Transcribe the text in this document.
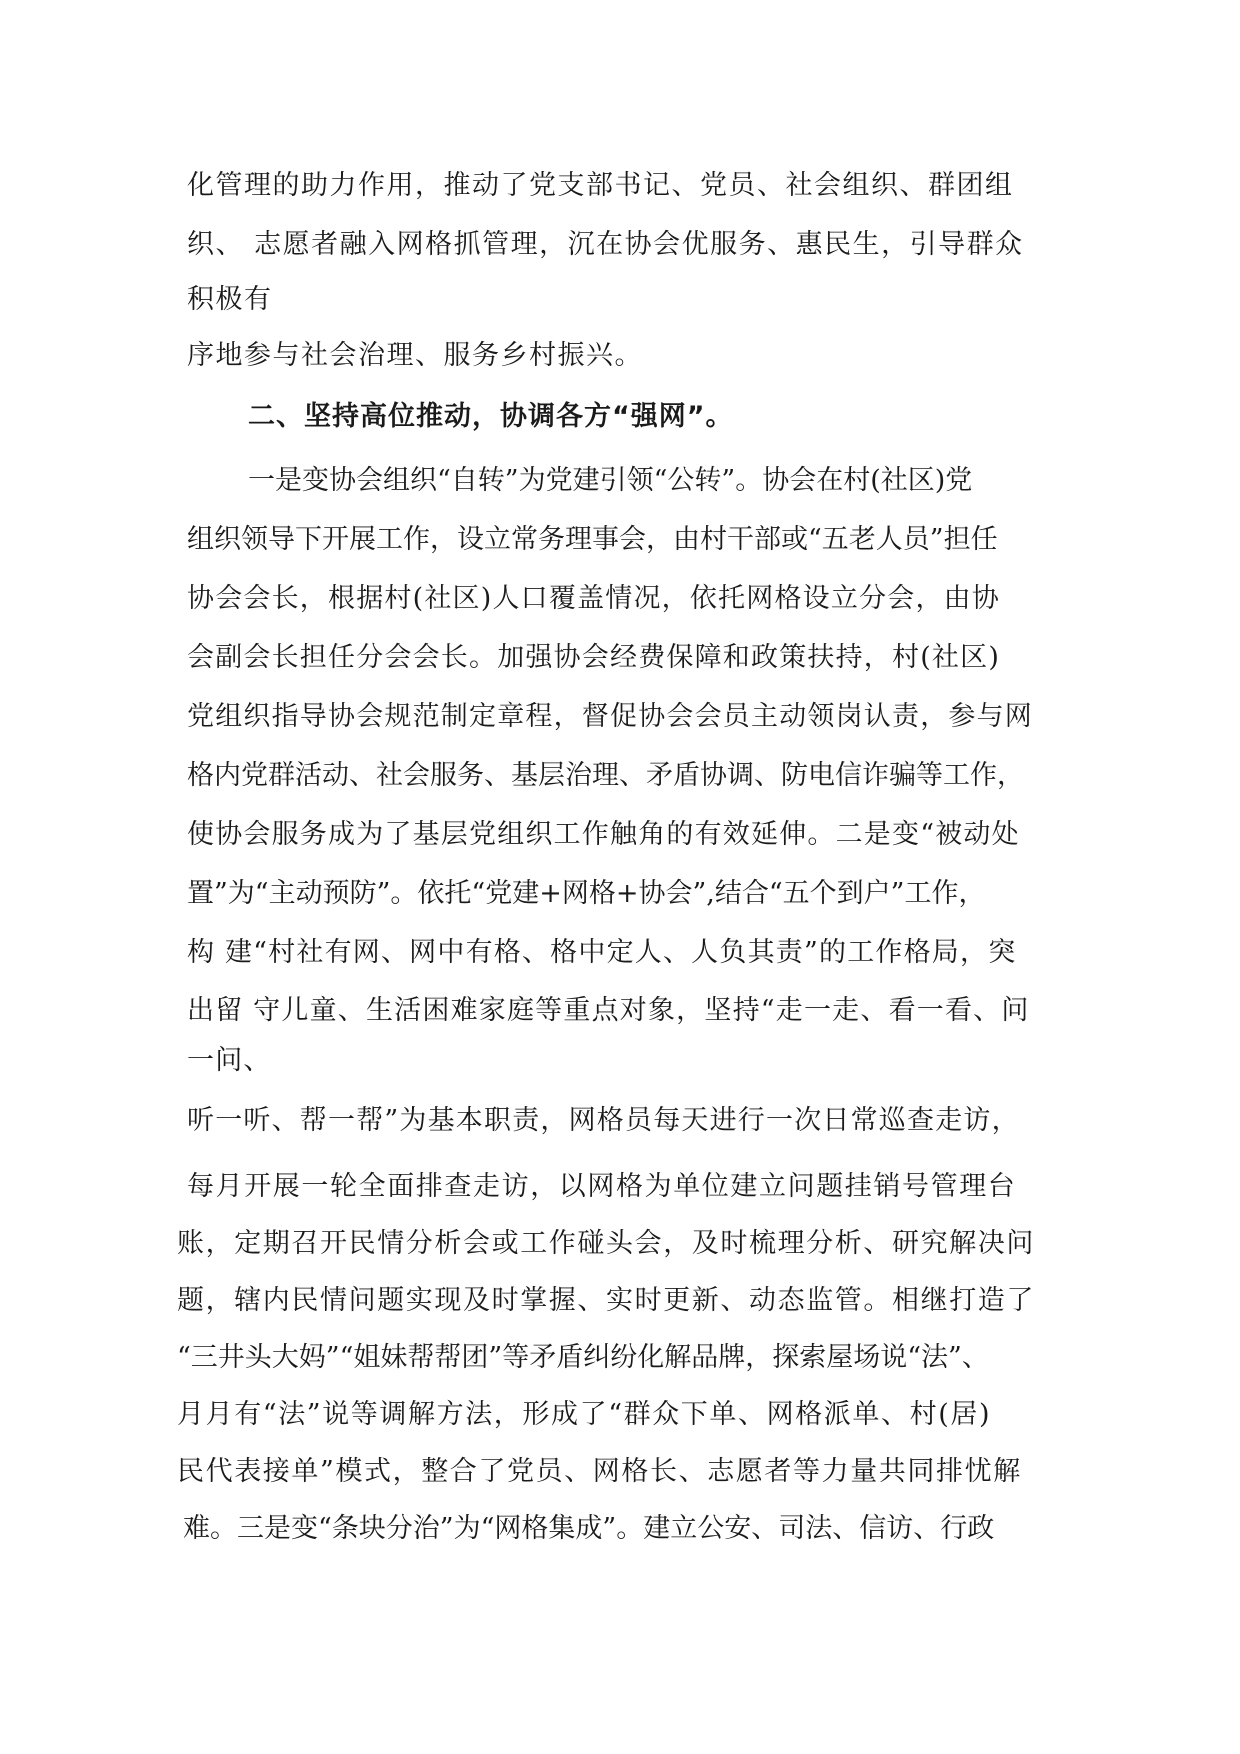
化管理的助力作用，推动了党支部书记、党员、社会组织、群团组
织、 志愿者融入网格抓管理，沉在协会优服务、惠民生，引导群众
积极有
序地参与社会治理、服务乡村振兴。
二、坚持高位推动，协调各方“强网”。
一是变协会组织“自转”为党建引领“公转”。协会在村(社区)党
组织领导下开展工作，设立常务理事会，由村干部或“五老人员”担任
协会会长，根据村(社区)人口覆盖情况，依托网格设立分会，由协
会副会长担任分会会长。加强协会经费保障和政策扶持，村(社区)
党组织指导协会规范制定章程，督促协会会员主动领岗认责，参与网
格内党群活动、社会服务、基层治理、矛盾协调、防电信诈骗等工作，
使协会服务成为了基层党组织工作触角的有效延伸。二是变“被动处
置”为“主动预防”。依托“党建+网格+协会”,结合“五个到户”工作，
构 建“村社有网、网中有格、格中定人、人负其责”的工作格局，突
出留 守儿童、生活困难家庭等重点对象，坚持“走一走、看一看、问
一问、
听一听、帮一帮”为基本职责，网格员每天进行一次日常巡查走访，
每月开展一轮全面排查走访，以网格为单位建立问题挂销号管理台
账，定期召开民情分析会或工作碰头会，及时梳理分析、研究解决问
题，辖内民情问题实现及时掌握、实时更新、动态监管。相继打造了
“三井头大妈”“姐妹帮帮团”等矛盾纠纷化解品牌，探索屋场说“法”、
月月有“法”说等调解方法，形成了“群众下单、网格派单、村(居)
民代表接单”模式，整合了党员、网格长、志愿者等力量共同排忧解
难。三是变“条块分治”为“网格集成”。建立公安、司法、信访、行政
